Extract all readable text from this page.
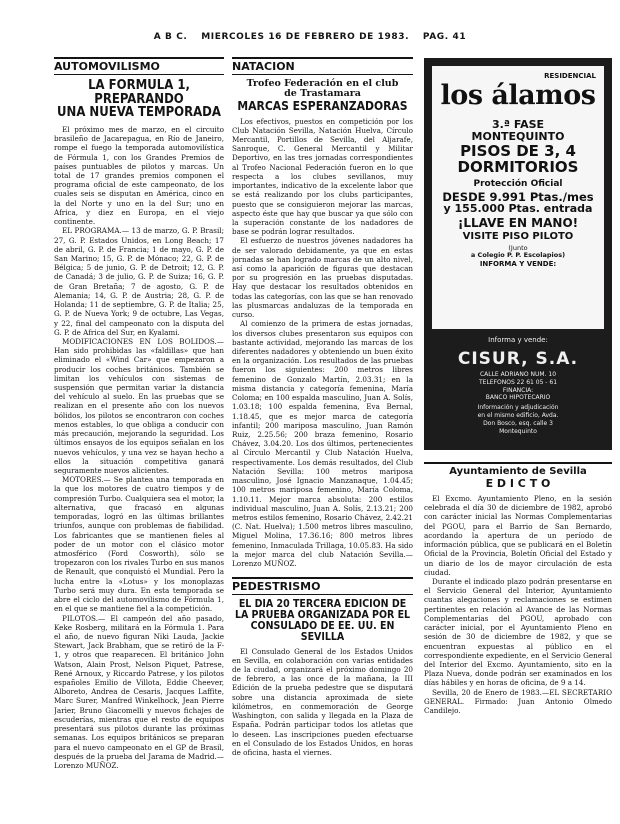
A B C. MIERCOLES 16 DE FEBRERO DE 1983. PAG. 41
AUTOMOVILISMO
LA FORMULA 1, PREPARANDO
UNA NUEVA TEMPORADA

El próximo mes de marzo, en el circuito brasileño de Jacarepagua, en Río de Janeiro, rompe el fuego la temporada automovilística de Fórmula 1, con los Grandes Premios de países puntuables de pilotos y marcas. Un total de 17 grandes premios componen el programa oficial de este campeonato, de los cuales seis se disputan en América, cinco en la del Norte y uno en la del Sur; uno en Africa, y diez en Europa, en el viejo continente.

EL PROGRAMA.— 13 de marzo, G. P. Brasil; 27, G. P. Estados Unidos, en Long Beach; 17 de abril, G. P. de Francia; 1 de mayo, G. P. de San Marino; 15, G. P. de Mónaco; 22, G. P. de Bélgica; 5 de junio, G. P. de Detroit; 12, G. P. de Canadá; 3 de julio, G. P. de Suiza; 16, G. P. de Gran Bretaña; 7 de agosto, G. P. de Alemania; 14, G. P. de Austria; 28, G. P. de Holanda; 11 de septiembre, G. P. de Italia; 25, G. P. de Nueva York; 9 de octubre, Las Vegas, y 22, final del campeonato con la disputa del G. P. de Africa del Sur, en Kyalami.

MODIFICACIONES EN LOS BOLIDOS.— Han sido prohibidas las «faldillas» que han eliminado el «Wind Car» que empezaron a producir los coches británicos. También se limitan los vehículos con sistemas de suspensión que permitan variar la distancia del vehículo al suelo. En las pruebas que se realizan en el presente año con los nuevos bólidos, los pilotos se encontraron con coches menos estables, lo que obliga a conducir con más precaución, mejorando la seguridad. Los últimos ensayos de los equipos señalan en los nuevos vehículos, y una vez se hayan hecho a ellos la situación competitiva ganará seguramente nuevos alicientes.

MOTORES.— Se plantea una temporada en la que los motores de cuatro tiempos y de compresión Turbo. Cualquiera sea el motor, la alternativa, que fracasó en algunas temporadas, logró en las últimas brillantes triunfos, aunque con problemas de fiabilidad. Los fabricantes que se mantienen fieles al poder de un motor con el clásico motor atmosférico (Ford Cosworth), sólo se tropezaron con los rivales Turbo en sus manos de Renault, que conquistó el Mundial. Pero la lucha entre la «Lotus» y los monoplazas Turbo será muy dura. En esta temporada se abre el ciclo del automovilismo de Fórmula 1, en el que se mantiene fiel a la competición.

PILOTOS.— El campeón del año pasado, Keke Rosberg, militará en la Fórmula 1. Para el año, de nuevo figuran Niki Lauda, Jackie Stewart, Jack Brabham, que se retiró de la F-1, y otros que reaparecen. El británico John Watson, Alain Prost, Nelson Piquet, Patrese, René Arnoux, y Riccardo Patrese, y los pilotos españoles Emilio de Villota, Eddie Cheever, Alboreto, Andrea de Cesaris, Jacques Laffite, Marc Surer, Manfred Winkelhock, Jean Pierre Jarier, Bruno Giacomelli y nuevos fichajes de escuderías, mientras que el resto de equipos presentará sus pilotos durante las próximas semanas. Los equipos británicos se preparan para el nuevo campeonato en el GP de Brasil, después de la prueba del Jarama de Madrid.—Lorenzo MUÑOZ.

NATACION
Trofeo Federación en el club
de Trastamara
MARCAS ESPERANZADORAS

Los efectivos, puestos en competición por los Club Natación Sevilla, Natación Huelva, Círculo Mercantil, Portillos de Sevilla, del Aljarafe, Sanroque, C. General Mercantil y Militar Deportivo, en las tres jornadas correspondientes al Trofeo Nacional Federación fueron en lo que respecta a los clubes sevillanos, muy importantes, indicativo de la excelente labor que se está realizando por los clubs participantes, puesto que se consiguieron mejorar las marcas, aspecto éste que hay que buscar ya que sólo con la superación constante de los nadadores de base se podrán lograr resultados.

El esfuerzo de nuestros jóvenes nadadores ha de ser valorado debidamente, ya que en estas jornadas se han logrado marcas de un alto nivel, así como la aparición de figuras que destacan por su progresión en las pruebas disputadas. Hay que destacar los resultados obtenidos en todas las categorías, con las que se han renovado las plusmarcas andaluzas de la temporada en curso.

Al comienzo de la primera de estas jornadas, los diversos clubes presentaron sus equipos con bastante actividad, mejorando las marcas de los diferentes nadadores y obteniendo un buen éxito en la organización. Los resultados de las pruebas fueron los siguientes: 200 metros libres femenino de Gonzalo Martín, 2.03.31; en la misma distancia y categoría femenina, María Coloma; en 100 espalda masculino, Juan A. Solís, 1.03.18; 100 espalda femenina, Eva Bernal, 1.18.45, que es mejor marca de categoría infantil; 200 mariposa masculino, Juan Ramón Ruiz, 2.25.56; 200 braza femenino, Rosario Chávez, 3.04.20. Los dos últimos, pertenecientes al Círculo Mercantil y Club Natación Huelva, respectivamente. Los demás resultados, del Club Natación Sevilla: 100 metros mariposa masculino, José Ignacio Manzanaque, 1.04.45; 100 metros mariposa femenino, María Coloma, 1.10.11. Mejor marca absoluta: 200 estilos individual masculino, Juan A. Solís, 2.13.21; 200 metros estilos femenino, Rosario Chávez, 2.42.21 (C. Nat. Huelva); 1.500 metros libres masculino, Miguel Molina, 17.36.16; 800 metros libres femenino, Inmaculada Trillaga, 10.05.83. Ha sido la mejor marca del club Natación Sevilla.—Lorenzo MUÑOZ.

PEDESTRISMO
EL DIA 20 TERCERA EDICION DE
LA PRUEBA ORGANIZADA POR EL
CONSULADO DE EE. UU. EN
SEVILLA

El Consulado General de los Estados Unidos en Sevilla, en colaboración con varias entidades de la ciudad, organizará el próximo domingo 20 de febrero, a las once de la mañana, la III Edición de la prueba pedestre que se disputará sobre una distancia aproximada de siete kilómetros, en conmemoración de George Washington, con salida y llegada en la Plaza de España. Podrán participar todos los atletas que lo deseen. Las inscripciones pueden efectuarse en el Consulado de los Estados Unidos, en horas de oficina, hasta el viernes.

los álamos
RESIDENCIAL
3.ª FASE
MONTEQUINTO
PISOS DE 3, 4
DORMITORIOS
Protección Oficial
DESDE 9.991 Ptas./mes
y 155.000 Ptas. entrada
¡LLAVE EN MANO!
VISITE PISO PILOTO
(Junto
a Colegio P. P. Escolapios)
INFORMA Y VENDE:
Informa y vende:
CISUR, S.A.
CALLE ADRIANO NUM. 10
TELEFONOS 22 61 05 - 61
FINANCIA:
BANCO HIPOTECARIO
Información y adjudicación
en el mismo edificio, Avda.
Don Bosco, esq. calle 3
Montequinto
Ayuntamiento de Sevilla
E D I C T O

El Excmo. Ayuntamiento Pleno, en la sesión celebrada el día 30 de diciembre de 1982, aprobó con carácter inicial las Normas Complementarias del PGOU, para el Barrio de San Bernardo, acordando la apertura de un período de información pública, que se publicará en el Boletín Oficial de la Provincia, Boletín Oficial del Estado y un diario de los de mayor circulación de esta ciudad.

Durante el indicado plazo podrán presentarse en el Servicio General del Interior, Ayuntamiento cuantas alegaciones y reclamaciones se estimen pertinentes en relación al Avance de las Normas Complementarias del PGOU, aprobado con carácter inicial, por el Ayuntamiento Pleno en sesión de 30 de diciembre de 1982, y que se encuentran expuestas al público en el correspondiente expediente, en el Servicio General del Interior del Excmo. Ayuntamiento, sito en la Plaza Nueva, donde podrán ser examinados en los días hábiles y en horas de oficina, de 9 a 14.

Sevilla, 20 de Enero de 1983.—EL SECRETARIO GENERAL. Firmado: Juan Antonio Olmedo Candilejo.
